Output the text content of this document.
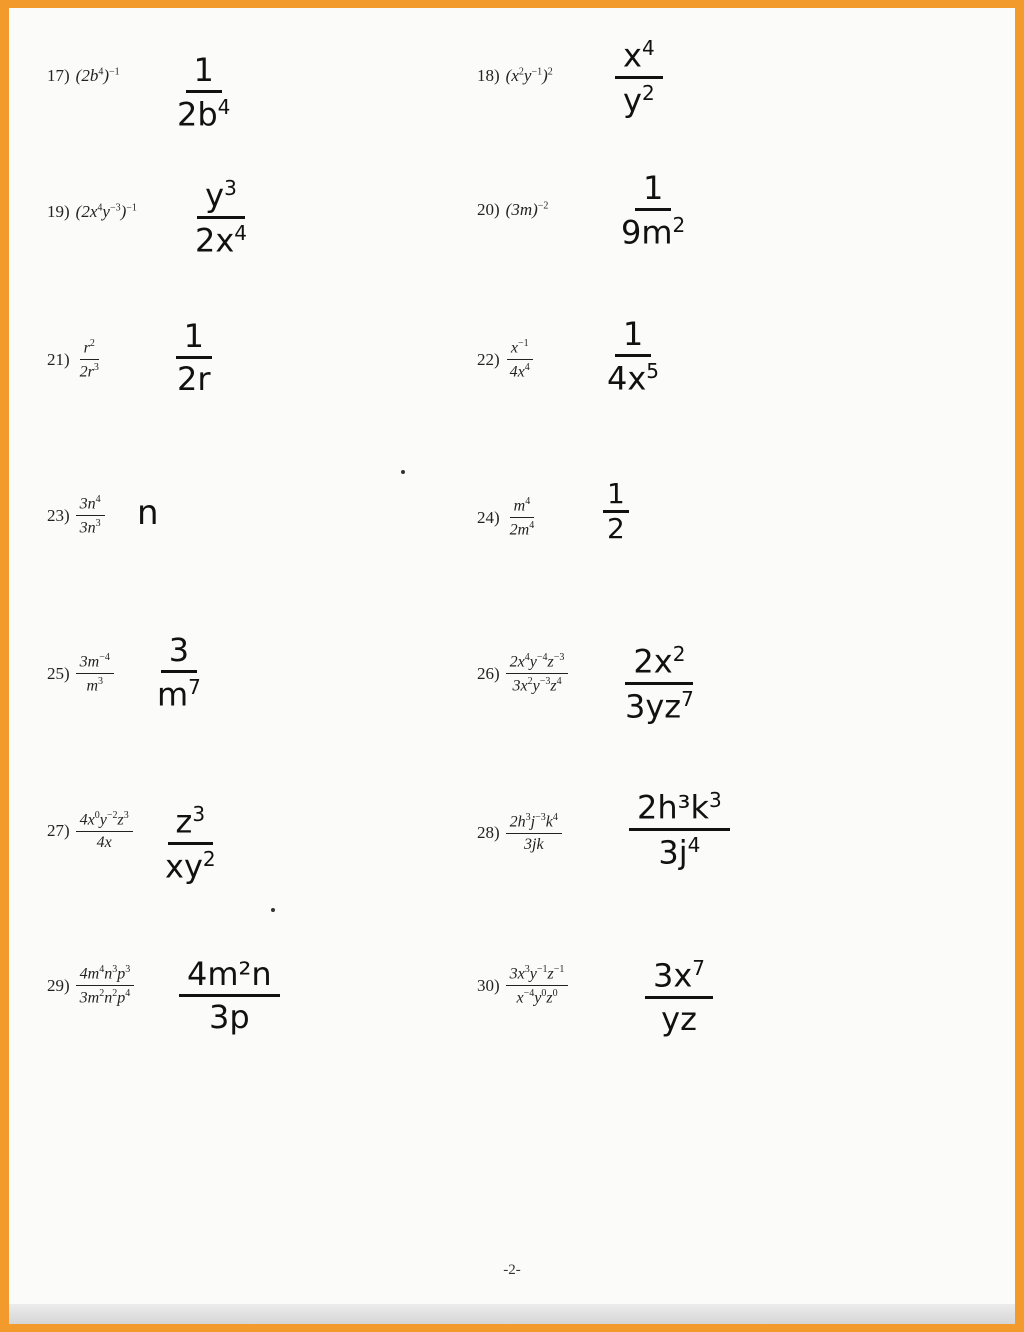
17) $(2b^4)^{-1}$ 1
$2b^4$
18) $(x^2y^{-1})^2$ $x^4$
$y^2$
19) $(2x^4y^{-3})^{-1}$ $y^3$
$2x^4$
20) $(3m)^{-2}$	1
$9m^2$
$21) \frac{r^2}{2r^3}$
1
2r
$22) \frac{x^{-1}}{4x^4}$
1
$4x^5$
$23) \frac{3n^4}{3n^3}$ n	$24) \frac{m^4}{2m^4}$
1
2
$25) \frac{3m^{-4}}{m^3}$
3
$m^7$
$26) \frac{2x^4y^{-4}z^{-3}}{3x^2y^{-3}z^4} 2x^2$
$3yz^7$
$27) \frac{4x^0y^{-2}z^3}{4x} z^3$
$xy^2$
$28) \frac{2h^3j^{-3}k^4}{3jk}$
$2h^3k^3$
$3j^4$
$29) \frac{4m^4n^3p^3}{3m^2n^2p^4} 4m^2n$
3p
$30) \frac{3x^3y^{-1}z^{-1}}{x^{-4}y^0z^0}$	$3x^7$
yz
-2-
